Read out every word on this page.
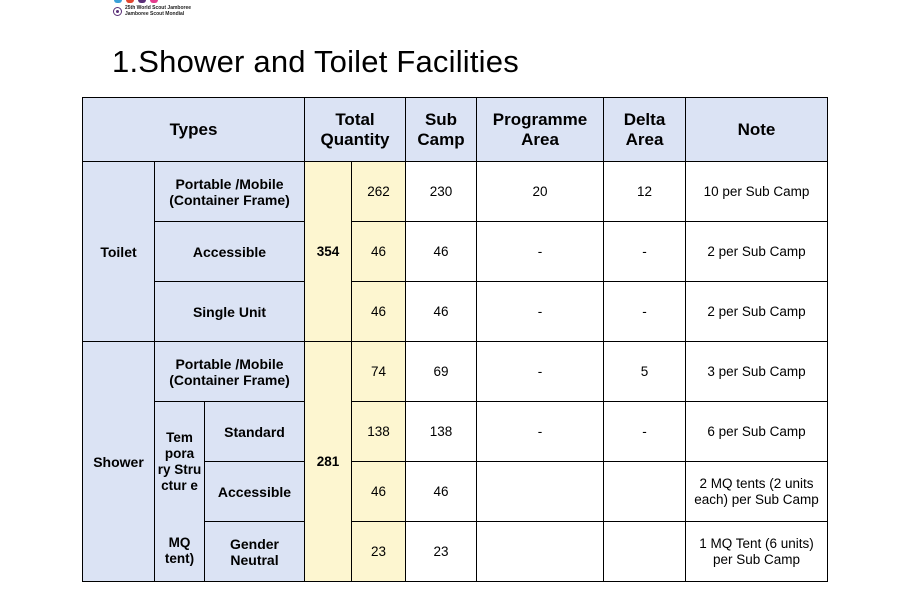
25th World Scout Jamboree
Jamboree Scout Mondial
1.Shower and Toilet Facilities
Types			Total Quantity		Sub Camp	Programme Area	Delta Area	Note
Toilet	Portable /Mobile (Container Frame)		354	262	230	20	12	10 per Sub Camp
	Accessible			46	46	-	-	2 per Sub Camp
	Single Unit			46	46	-	-	2 per Sub Camp
Shower	Portable /Mobile (Container Frame)		281	74	69	-	5	3 per Sub Camp
	Tem pora ry Stru ctur e	Standard		138	138	-	-	6 per Sub Camp
		Accessible		46	46			2 MQ tents (2 units each) per Sub Camp
	MQ tent)	Gender Neutral		23	23			1 MQ Tent (6 units) per Sub Camp
